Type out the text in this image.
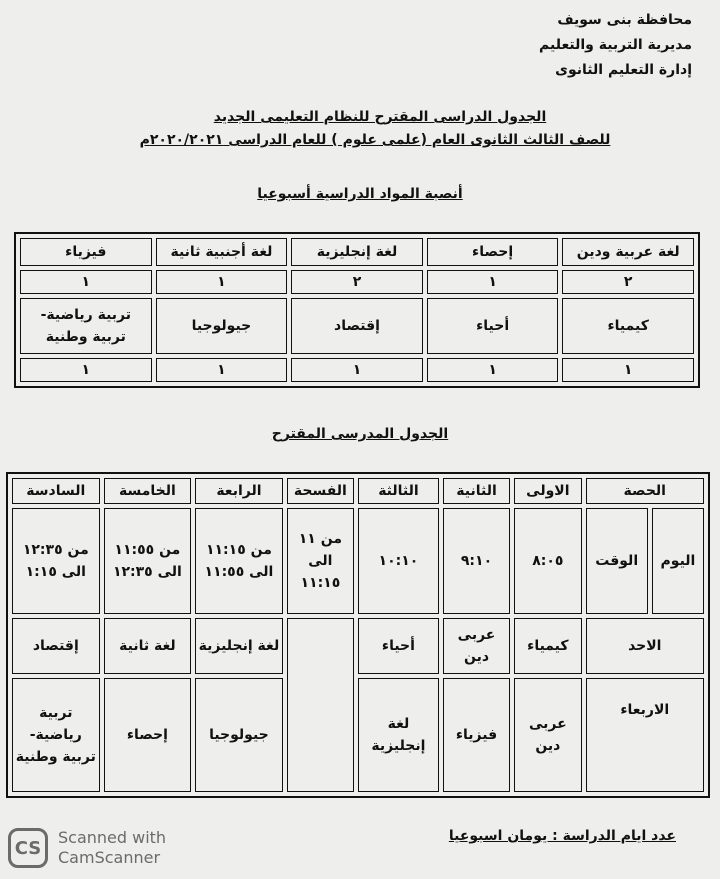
محافظة بنى سويف
مديرية التربية والتعليم
إدارة التعليم الثانوى
الجدول الدراسى المقترح للنظام التعليمى الجديد
للصف الثالث الثانوى العام (علمى علوم ) للعام الدراسى ٢٠٢٠/٢٠٢١م
أنصبة المواد الدراسية أسبوعيا
لغة عربية ودين	إحصاء	لغة إنجليزية	لغة أجنبية ثانية	فيزياء
٢	١	٢	١	١
كيمياء	أحياء	إقتصاد	جيولوجيا	تربية رياضية- تربية وطنية
١	١	١	١	١
الجدول المدرسى المقترح
الحصة		الاولى	الثانية	الثالثة	الفسحة	الرابعة	الخامسة	السادسة
اليوم	الوقت	٨:٠٥	٩:١٠	١٠:١٠	من ١١ الى ١١:١٥	من ١١:١٥ الى ١١:٥٥	من ١١:٥٥ الى ١٢:٣٥	من ١٢:٣٥ الى ١:١٥
الاحد		كيمياء	عربى دين	أحياء		لغة إنجليزية	لغة ثانية	إقتصاد
الاربعاء		عربى دين	فيزياء	لغة إنجليزية		جيولوجيا	إحصاء	تربية رياضية- تربية وطنية
عدد ايام الدراسة : يومان اسبوعيا
CS	Scanned with
CamScanner
